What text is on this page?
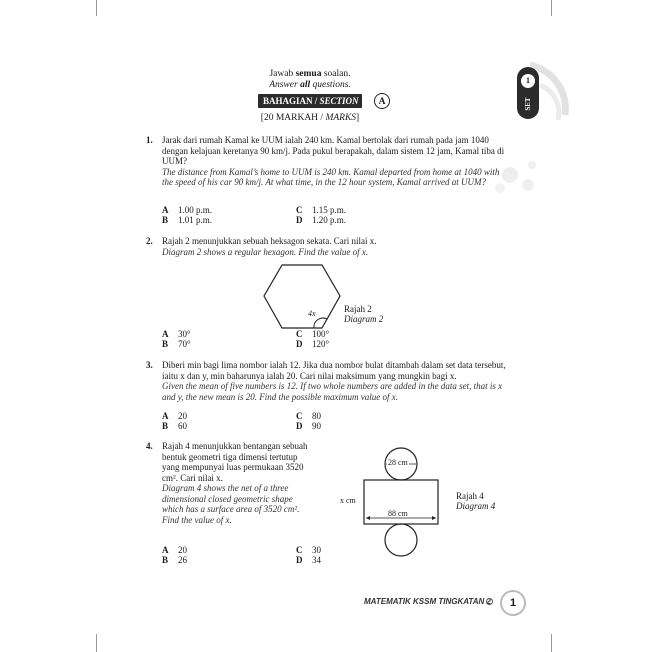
1
SET
Jawab semua soalan.
Answer all questions.
BAHAGIAN / SECTION	A
[20 MARKAH / MARKS]
1. Jarak dari rumah Kamal ke UUM ialah 240 km. Kamal bertolak dari rumah pada jam 1040 dengan kelajuan keretanya 90 km/j. Pada pukul berapakah, dalam sistem 12 jam, Kamal tiba di UUM?
The distance from Kamal’s home to UUM is 240 km. Kamal departed from home at 1040 with the speed of his car 90 km/j. At what time, in the 12 hour system, Kamal arrived at UUM?
A 1.00 p.m.
B 1.01 p.m.
C 1.15 p.m.
D 1.20 p.m.
2. Rajah 2 menunjukkan sebuah heksagon sekata. Cari nilai x.
Diagram 2 shows a regular hexagon. Find the value of x.
4x	Rajah 2
Diagram 2
A 30°
B 70°
C 100°
D 120°
3. Diberi min bagi lima nombor ialah 12. Jika dua nombor bulat ditambah dalam set data tersebut, iaitu x dan y, min baharunya ialah 20. Cari nilai maksimum yang mungkin bagi x.
Given the mean of five numbers is 12. If two whole numbers are added in the data set, that is x and y, the new mean is 20. Find the possible maximum value of x.
A 20
B 60
C 80
D 90
4. Rajah 4 menunjukkan bentangan sebuah bentuk geometri tiga dimensi tertutup yang mempunyai luas permukaan 3520 cm². Cari nilai x.
Diagram 4 shows the net of a three dimensional closed geometric shape which has a surface area of 3520 cm². Find the value of x.
28 cm
88 cm
x cm	Rajah 4
Diagram 4
A 20
B 26
C 30
D 34
MATEMATIK KSSM TINGKATAN 2	1
